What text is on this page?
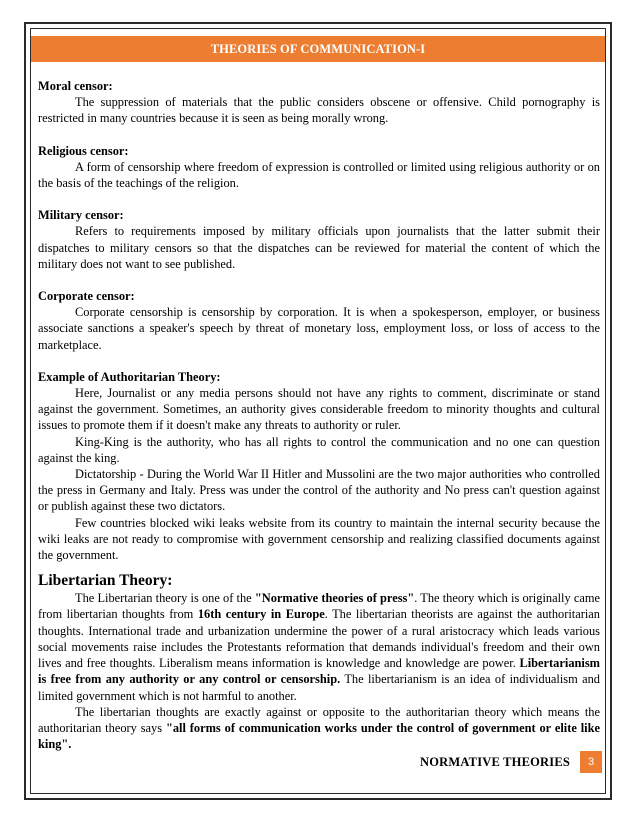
THEORIES OF COMMUNICATION-I
Moral censor:

The suppression of materials that the public considers obscene or offensive. Child pornography is restricted in many countries because it is seen as being morally wrong.

Religious censor:

A form of censorship where freedom of expression is controlled or limited using religious authority or on the basis of the teachings of the religion.

Military censor:

Refers to requirements imposed by military officials upon journalists that the latter submit their dispatches to military censors so that the dispatches can be reviewed for material the content of which the military does not want to see published.

Corporate censor:

Corporate censorship is censorship by corporation. It is when a spokesperson, employer, or business associate sanctions a speaker's speech by threat of monetary loss, employment loss, or loss of access to the marketplace.

Example of Authoritarian Theory:

Here, Journalist or any media persons should not have any rights to comment, discriminate or stand against the government. Sometimes, an authority gives considerable freedom to minority thoughts and cultural issues to promote them if it doesn't make any threats to authority or ruler.

King-King is the authority, who has all rights to control the communication and no one can question against the king.

Dictatorship - During the World War II Hitler and Mussolini are the two major authorities who controlled the press in Germany and Italy. Press was under the control of the authority and No press can't question against or publish against these two dictators.

Few countries blocked wiki leaks website from its country to maintain the internal security because the wiki leaks are not ready to compromise with government censorship and realizing classified documents against the government.

Libertarian Theory:

The Libertarian theory is one of the "Normative theories of press". The theory which is originally came from libertarian thoughts from 16th century in Europe. The libertarian theorists are against the authoritarian thoughts. International trade and urbanization undermine the power of a rural aristocracy which leads various social movements raise includes the Protestants reformation that demands individual's freedom and their own lives and free thoughts. Liberalism means information is knowledge and knowledge are power. Libertarianism is free from any authority or any control or censorship. The libertarianism is an idea of individualism and limited government which is not harmful to another.

The libertarian thoughts are exactly against or opposite to the authoritarian theory which means the authoritarian theory says "all forms of communication works under the control of government or elite like king".

NORMATIVE THEORIES	3
